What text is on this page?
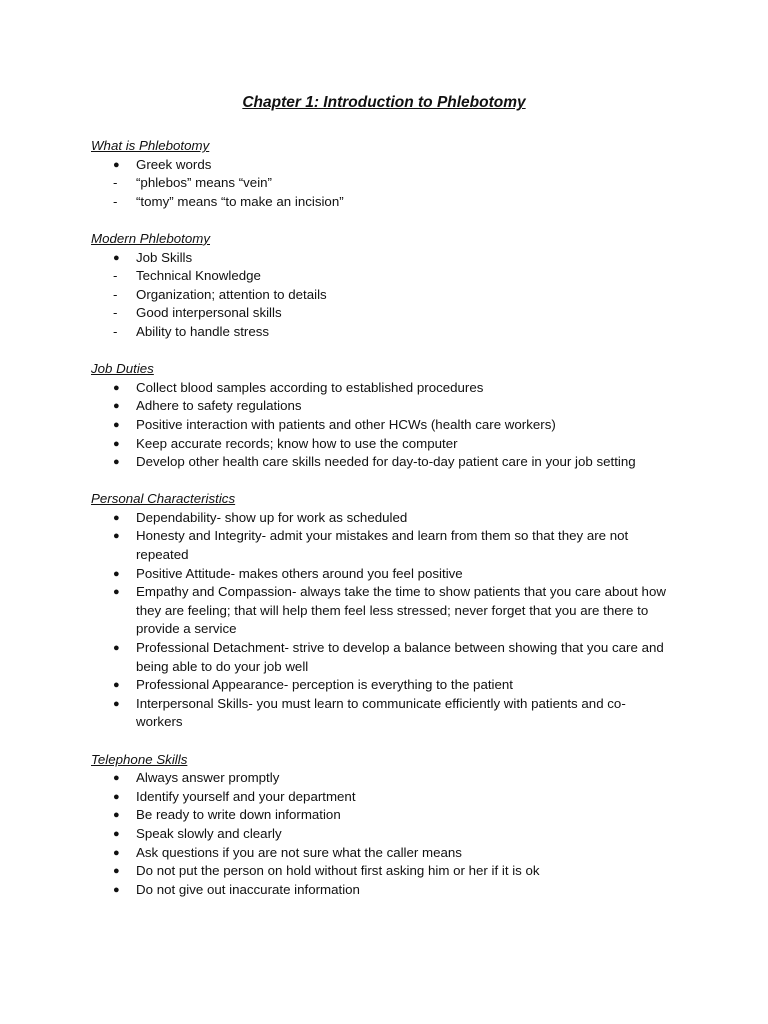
Chapter 1: Introduction to Phlebotomy
What is Phlebotomy
●	Greek words
-	“phlebos” means “vein”
-	“tomy” means “to make an incision”
Modern Phlebotomy
●	Job Skills
-	Technical Knowledge
-	Organization; attention to details
-	Good interpersonal skills
-	Ability to handle stress
Job Duties
●	Collect blood samples according to established procedures
●	Adhere to safety regulations
●	Positive interaction with patients and other HCWs (health care workers)
●	Keep accurate records; know how to use the computer
●	Develop other health care skills needed for day-to-day patient care in your job setting
Personal Characteristics
●	Dependability- show up for work as scheduled
●	Honesty and Integrity- admit your mistakes and learn from them so that they are not repeated
●	Positive Attitude- makes others around you feel positive
●	Empathy and Compassion- always take the time to show patients that you care about how they are feeling; that will help them feel less stressed; never forget that you are there to provide a service
●	Professional Detachment- strive to develop a balance between showing that you care and being able to do your job well
●	Professional Appearance- perception is everything to the patient
●	Interpersonal Skills- you must learn to communicate efficiently with patients and co-workers
Telephone Skills
●	Always answer promptly
●	Identify yourself and your department
●	Be ready to write down information
●	Speak slowly and clearly
●	Ask questions if you are not sure what the caller means
●	Do not put the person on hold without first asking him or her if it is ok
●	Do not give out inaccurate information
